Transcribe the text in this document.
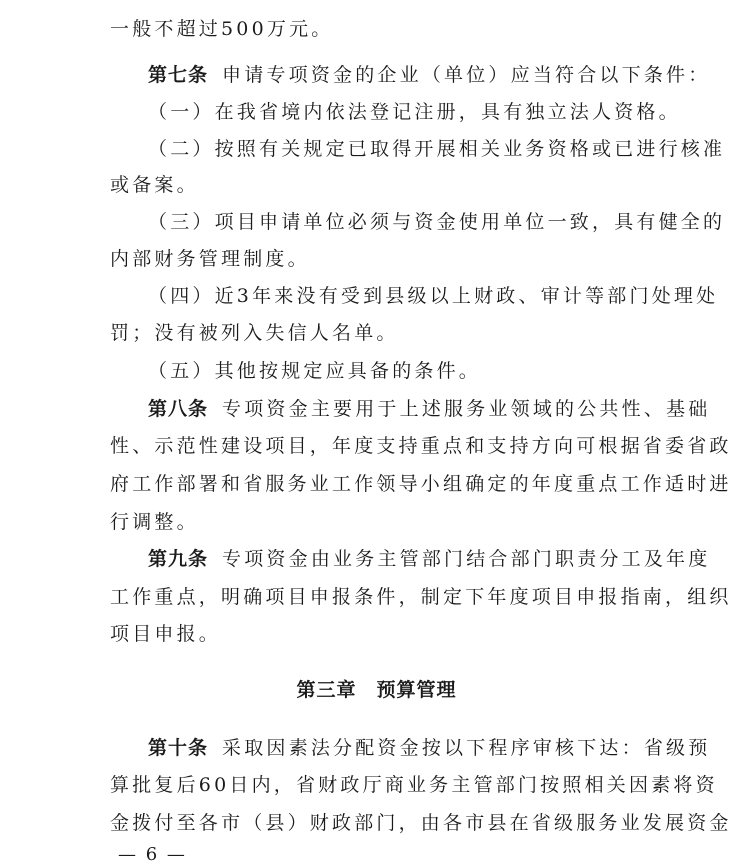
一般不超过500万元。
第七条 申请专项资金的企业（单位）应当符合以下条件：
（一）在我省境内依法登记注册，具有独立法人资格。
（二）按照有关规定已取得开展相关业务资格或已进行核准
或备案。
（三）项目申请单位必须与资金使用单位一致，具有健全的
内部财务管理制度。
（四）近3年来没有受到县级以上财政、审计等部门处理处
罚；没有被列入失信人名单。
（五）其他按规定应具备的条件。
第八条 专项资金主要用于上述服务业领域的公共性、基础
性、示范性建设项目，年度支持重点和支持方向可根据省委省政
府工作部署和省服务业工作领导小组确定的年度重点工作适时进
行调整。
第九条 专项资金由业务主管部门结合部门职责分工及年度
工作重点，明确项目申报条件，制定下年度项目申报指南，组织
项目申报。
第三章　预算管理
第十条 采取因素法分配资金按以下程序审核下达：省级预
算批复后60日内，省财政厅商业务主管部门按照相关因素将资
金拨付至各市（县）财政部门，由各市县在省级服务业发展资金
— 6 —
